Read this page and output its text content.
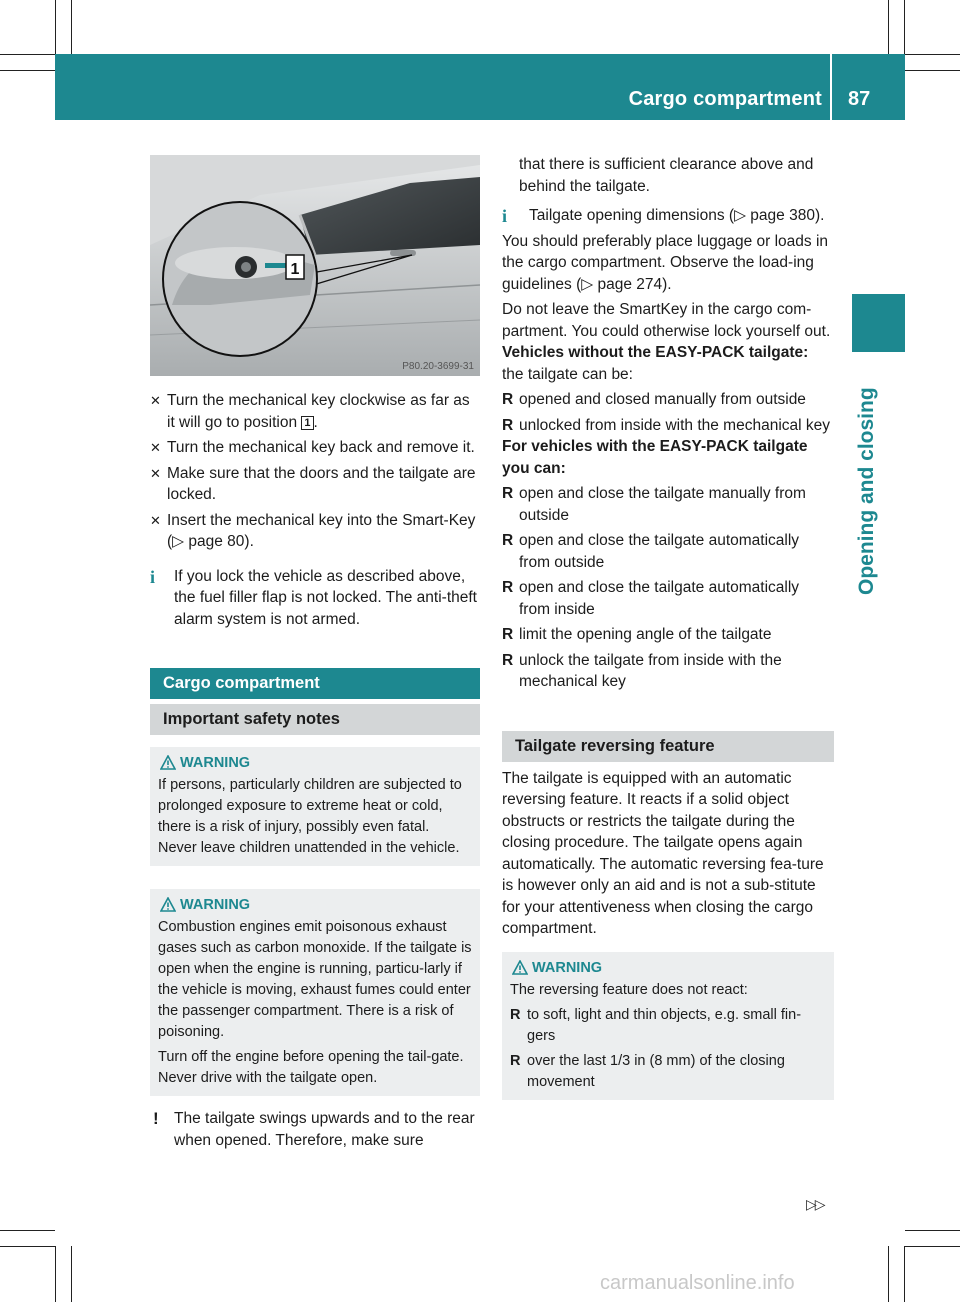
Cargo compartment 87
Opening and closing
1
P80.20-3699-31

✕ Turn the mechanical key clockwise as far as it will go to position 1 .

✕ Turn the mechanical key back and remove it.

✕ Make sure that the doors and the tailgate are locked.

✕ Insert the mechanical key into the Smart-Key (▷ page 80).

i	If you lock the vehicle as described above, the fuel filler flap is not locked. The anti-theft alarm system is not armed.

Cargo compartment
Important safety notes
WARNING

If persons, particularly children are subjected to prolonged exposure to extreme heat or cold, there is a risk of injury, possibly even fatal. Never leave children unattended in the vehicle.

WARNING

Combustion engines emit poisonous exhaust gases such as carbon monoxide. If the tailgate is open when the engine is running, particu-larly if the vehicle is moving, exhaust fumes could enter the passenger compartment. There is a risk of poisoning.

Turn off the engine before opening the tail-gate. Never drive with the tailgate open.

! The tailgate swings upwards and to the rear when opened. Therefore, make sure

that there is sufficient clearance above and behind the tailgate.

i	Tailgate opening dimensions (▷ page 380).

You should preferably place luggage or loads in the cargo compartment. Observe the load-ing guidelines (▷ page 274).

Do not leave the SmartKey in the cargo com-partment. You could otherwise lock yourself out.

Vehicles without the EASY-PACK tailgate:

the tailgate can be:

R opened and closed manually from outside

R unlocked from inside with the mechanical key

For vehicles with the EASY-PACK tailgate you can:

R open and close the tailgate manually from outside

R open and close the tailgate automatically from outside

R open and close the tailgate automatically from inside

R limit the opening angle of the tailgate

R unlock the tailgate from inside with the mechanical key

Tailgate reversing feature

The tailgate is equipped with an automatic reversing feature. It reacts if a solid object obstructs or restricts the tailgate during the closing procedure. The tailgate opens again automatically. The automatic reversing fea-ture is however only an aid and is not a sub-stitute for your attentiveness when closing the cargo compartment.

WARNING

The reversing feature does not react:

R to soft, light and thin objects, e.g. small fin-gers

R over the last 1/3 in (8 mm) of the closing movement

▷▷
carmanualsonline.info
